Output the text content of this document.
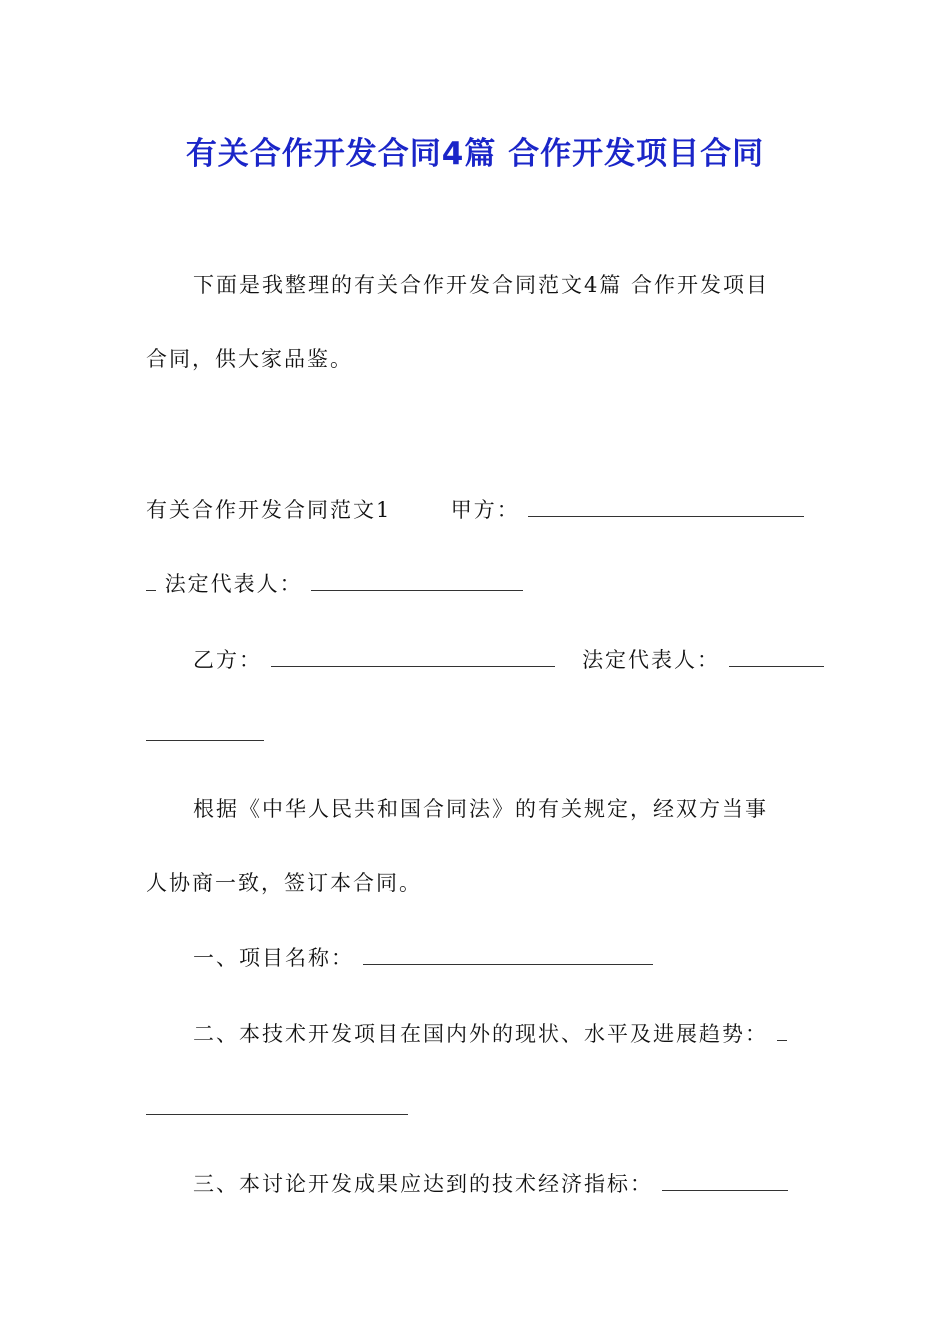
有关合作开发合同4篇 合作开发项目合同
下面是我整理的有关合作开发合同范文4篇 合作开发项目
合同，供大家品鉴。
有关合作开发合同范文1	甲方：
法定代表人：
乙方：	法定代表人：
根据《中华人民共和国合同法》的有关规定，经双方当事
人协商一致，签订本合同。
一、项目名称：
二、本技术开发项目在国内外的现状、水平及进展趋势：
三、本讨论开发成果应达到的技术经济指标：
